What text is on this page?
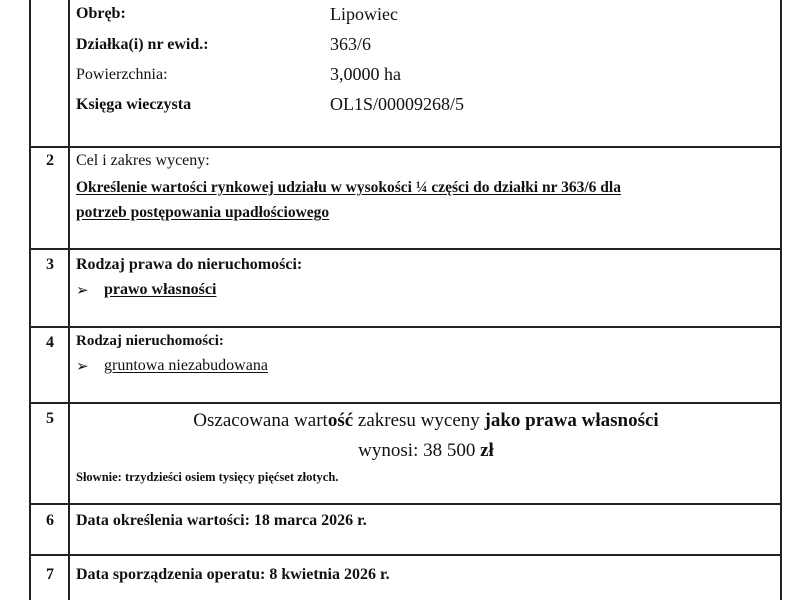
Obręb:	Lipowiec
Działka(i) nr ewid.:	363/6
Powierzchnia:	3,0000 ha
Księga wieczysta	OL1S/00009268/5
2	Cel i zakres wyceny:
Określenie wartości rynkowej udziału w wysokości ¼ części do działki nr 363/6 dla
potrzeb postępowania upadłościowego
3	Rodzaj prawa do nieruchomości:
➢ prawo własności
4	Rodzaj nieruchomości:
➢ gruntowa niezabudowana
5	Oszacowana wartość zakresu wyceny jako prawa własności
wynosi: 38 500 zł
Słownie: trzydzieści osiem tysięcy pięćset złotych.
6	Data określenia wartości: 18 marca 2026 r.
7	Data sporządzenia operatu: 8 kwietnia 2026 r.
